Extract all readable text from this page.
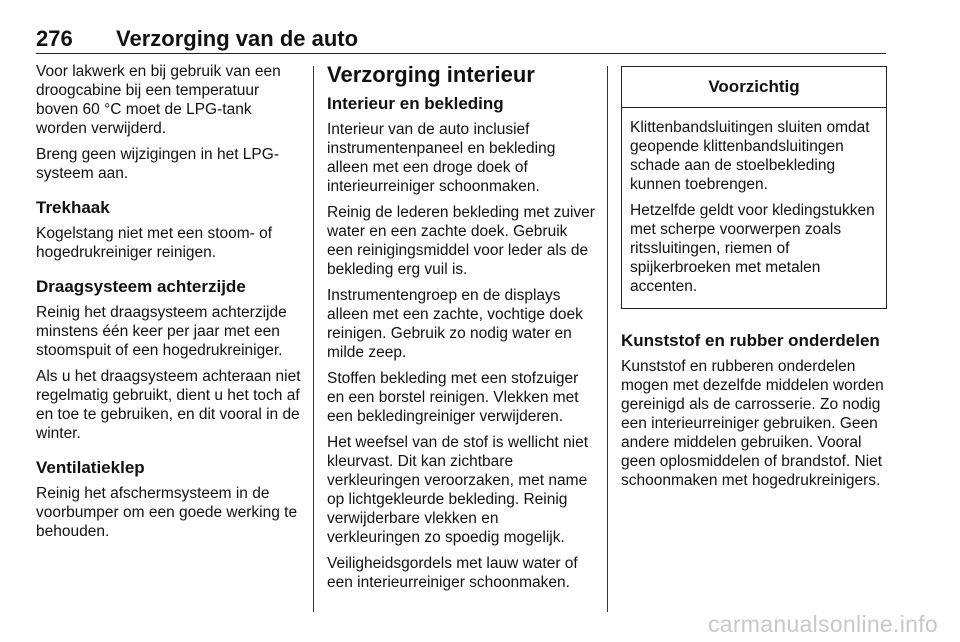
276 Verzorging van de auto

Voor lakwerk en bij gebruik van een droogcabine bij een temperatuur boven 60 °C moet de LPG-tank worden verwijderd.

Breng geen wijzigingen in het LPG-systeem aan.

Trekhaak

Kogelstang niet met een stoom- of hogedrukreiniger reinigen.

Draagsysteem achterzijde

Reinig het draagsysteem achterzijde minstens één keer per jaar met een stoomspuit of een hogedrukreiniger.

Als u het draagsysteem achteraan niet regelmatig gebruikt, dient u het toch af en toe te gebruiken, en dit vooral in de winter.

Ventilatieklep

Reinig het afschermsysteem in de voorbumper om een goede werking te behouden.

Verzorging interieur
Interieur en bekleding

Interieur van de auto inclusief instrumentenpaneel en bekleding alleen met een droge doek of interieurreiniger schoonmaken.

Reinig de lederen bekleding met zuiver water en een zachte doek. Gebruik een reinigingsmiddel voor leder als de bekleding erg vuil is.

Instrumentengroep en de displays alleen met een zachte, vochtige doek reinigen. Gebruik zo nodig water en milde zeep.

Stoffen bekleding met een stofzuiger en een borstel reinigen. Vlekken met een bekledingreiniger verwijderen.

Het weefsel van de stof is wellicht niet kleurvast. Dit kan zichtbare verkleuringen veroorzaken, met name op lichtgekleurde bekleding. Reinig verwijderbare vlekken en verkleuringen zo spoedig mogelijk.

Veiligheidsgordels met lauw water of een interieurreiniger schoonmaken.

Voorzichtig

Klittenbandsluitingen sluiten omdat geopende klittenbandsluitingen schade aan de stoelbekleding kunnen toebrengen.

Hetzelfde geldt voor kledingstukken met scherpe voorwerpen zoals ritssluitingen, riemen of spijkerbroeken met metalen accenten.

Kunststof en rubber onderdelen

Kunststof en rubberen onderdelen mogen met dezelfde middelen worden gereinigd als de carrosserie. Zo nodig een interieurreiniger gebruiken. Geen andere middelen gebruiken. Vooral geen oplosmiddelen of brandstof. Niet schoonmaken met hogedrukreinigers.

carmanualsonline.info
